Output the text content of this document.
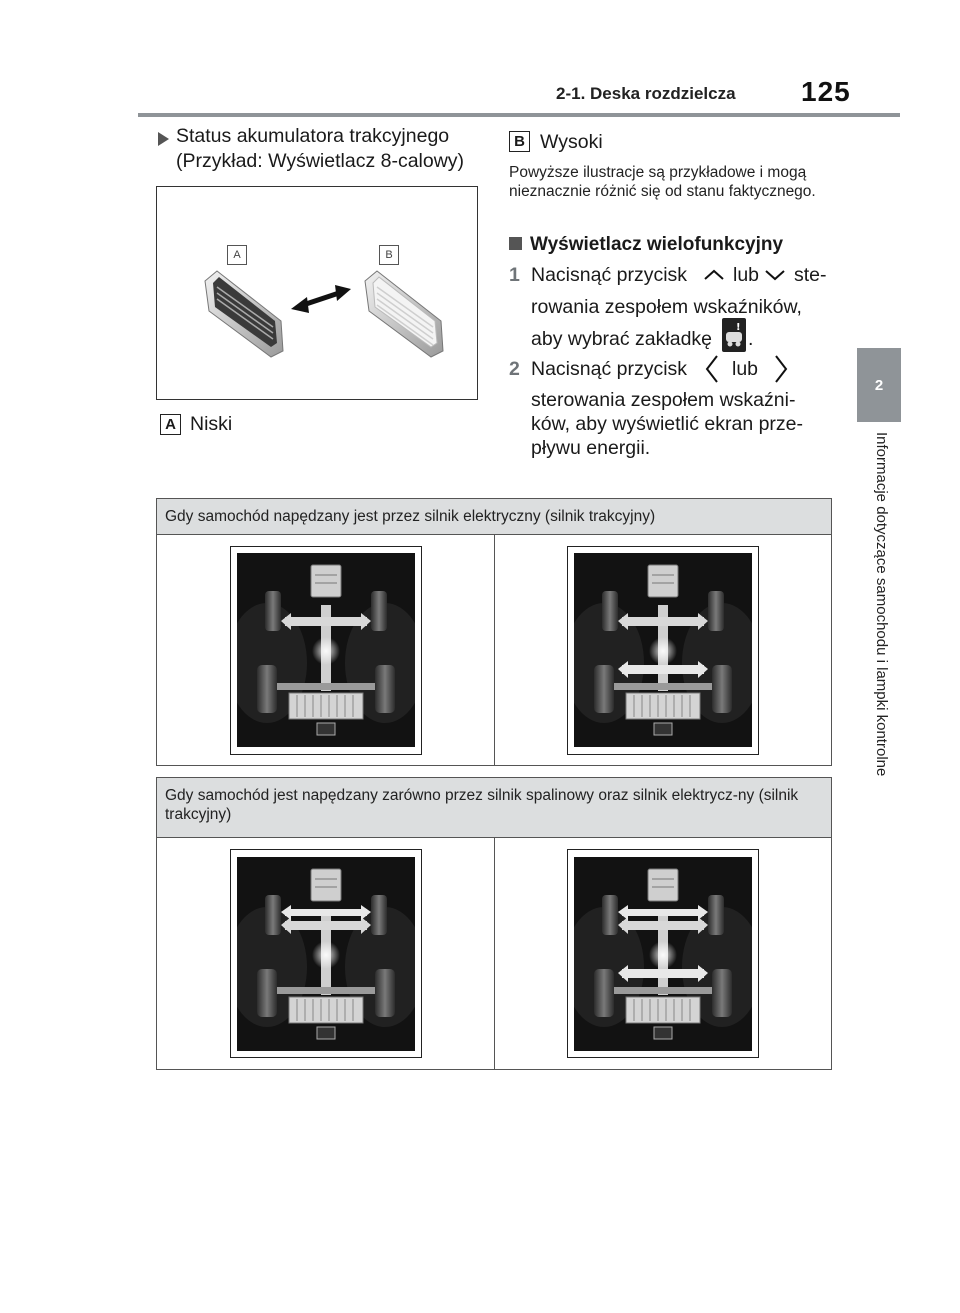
2-1. Deska rozdzielcza 125
2
Informacje dotyczące samochodu i lampki kontrolne
Status akumulatora trakcyjnego
(Przykład: Wyświetlacz 8-calowy)
A	B
A Niski
B Wysoki
Powyższe ilustracje są przykładowe i mogą nieznacznie różnić się od stanu faktycznego.
Wyświetlacz wielofunkcyjny
1 Nacisnąć przycisk lub ste-
rowania zespołem wskaźników,
aby wybrać zakładkę
!
.
2 Nacisnąć przycisk lub
sterowania zespołem wskaźni-
ków, aby wyświetlić ekran prze-
pływu energii.
Gdy samochód napędzany jest przez silnik elektryczny (silnik trakcyjny)
Gdy samochód jest napędzany zarówno przez silnik spalinowy oraz silnik elektrycz-ny (silnik trakcyjny)
